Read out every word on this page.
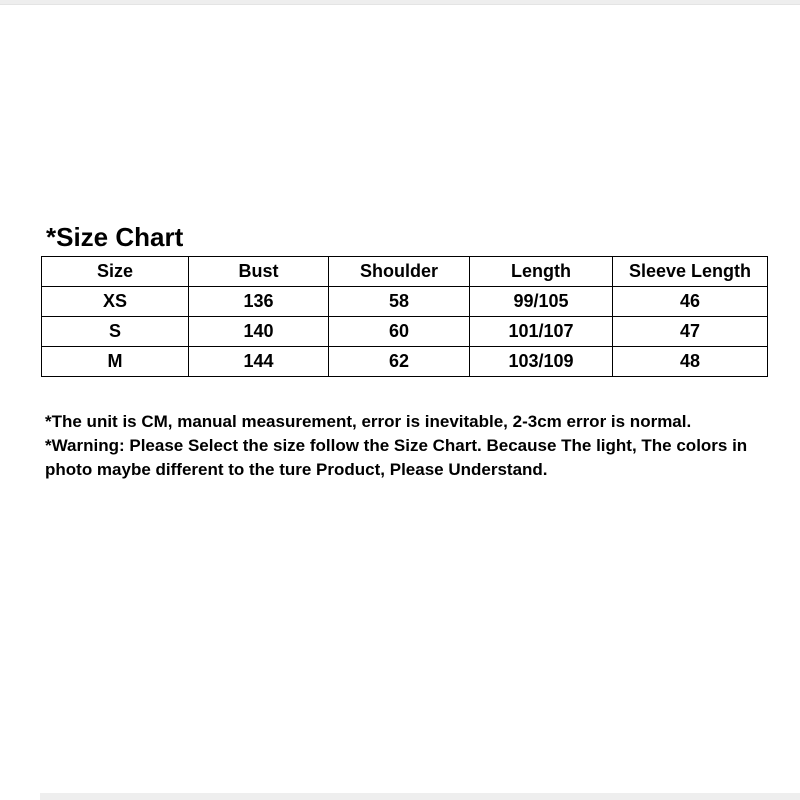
*Size Chart
Size	Bust	Shoulder	Length	Sleeve Length
XS	136	58	99/105	46
S	140	60	101/107	47
M	144	62	103/109	48

*The unit is CM, manual measurement, error is inevitable, 2-3cm error is normal.

*Warning: Please Select the size follow the Size Chart. Because The light, The colors in photo maybe different to the ture Product, Please Understand.
